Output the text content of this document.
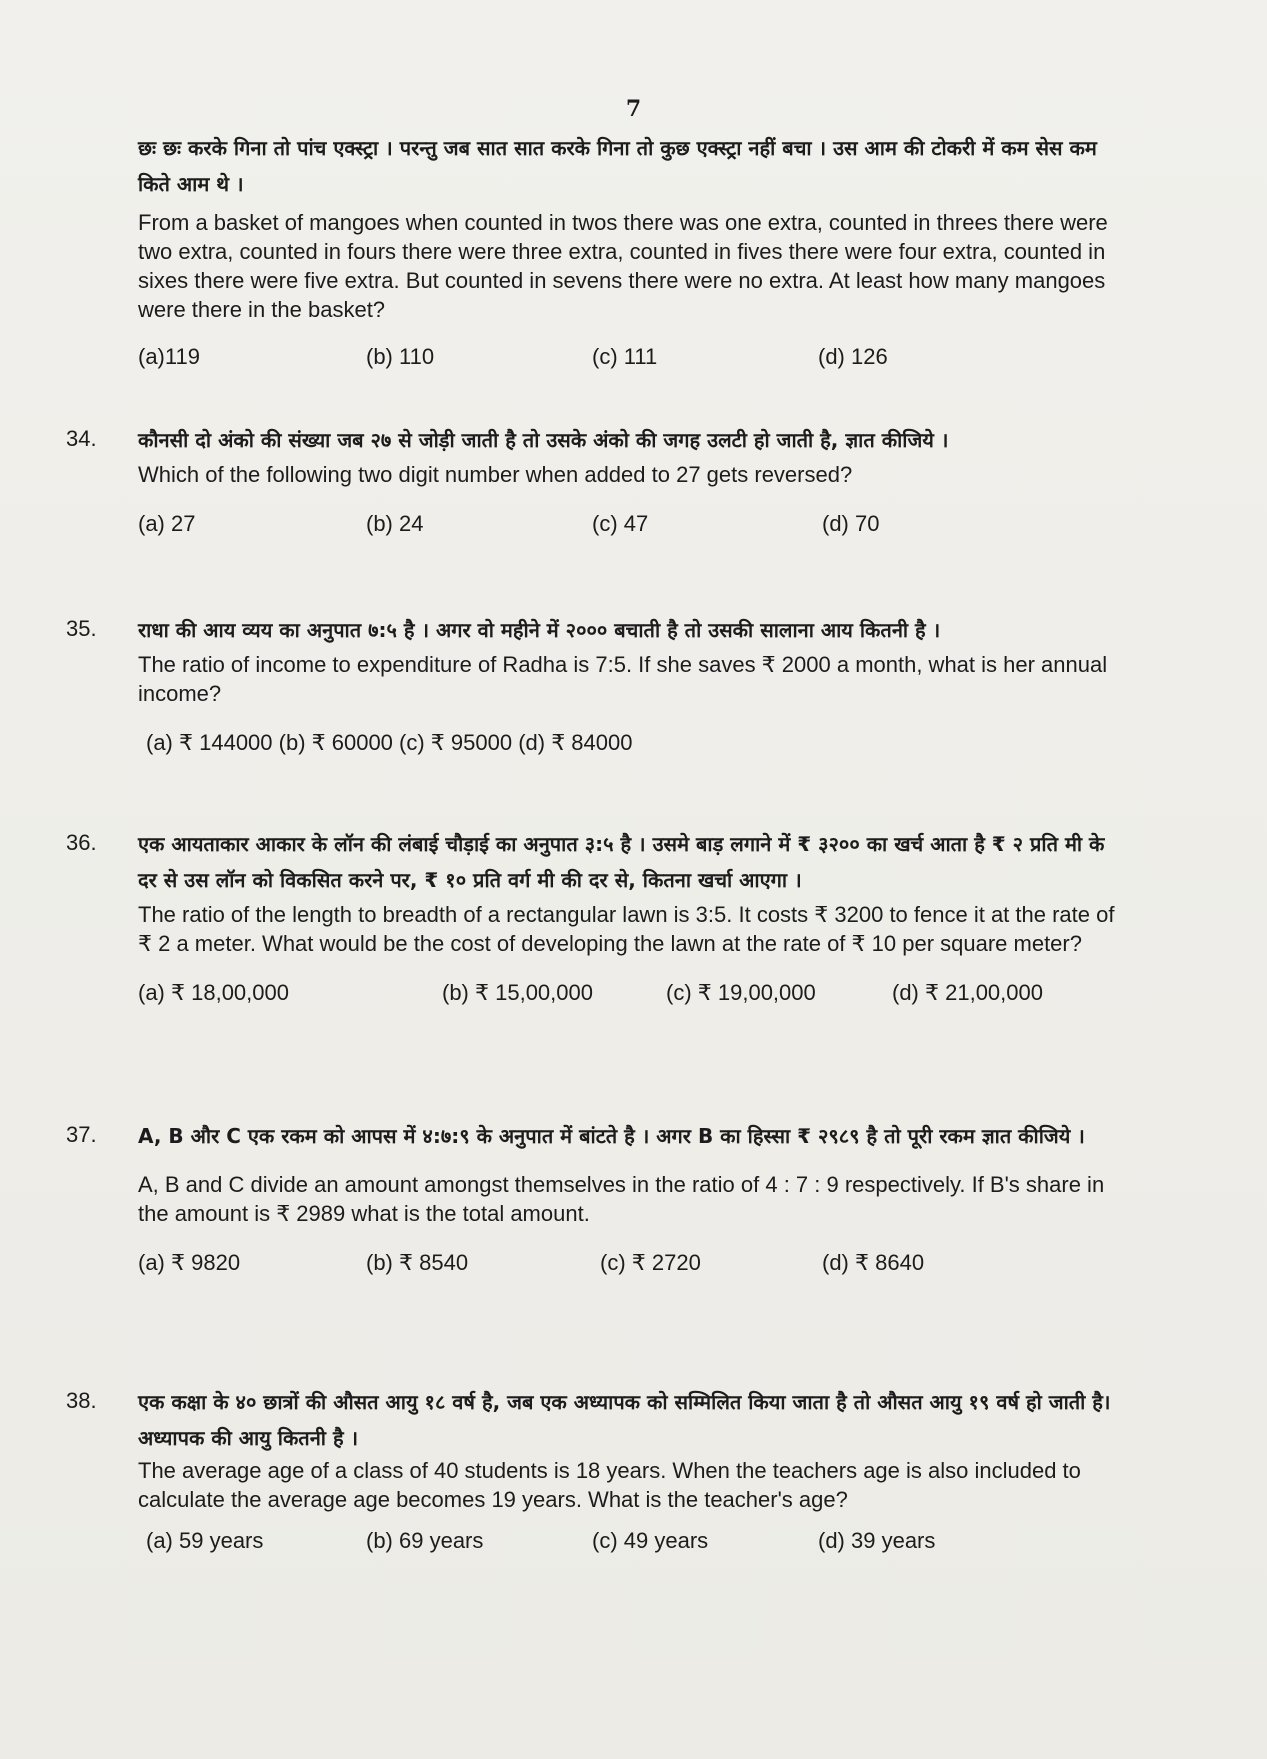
7

छः छः करके गिना तो पांच एक्स्ट्रा । परन्तु जब सात सात करके गिना तो कुछ एक्स्ट्रा नहीं बचा । उस आम की टोकरी में कम सेस कम किते आम थे ।

From a basket of mangoes when counted in twos there was one extra, counted in threes there were two extra, counted in fours there were three extra, counted in fives there were four extra, counted in sixes there were five extra. But counted in sevens there were no extra. At least how many mangoes were there in the basket?

(a)119	(b) 110	(c) 111	(d) 126
34. कौनसी दो अंको की संख्या जब २७ से जोड़ी जाती है तो उसके अंको की जगह उलटी हो जाती है, ज्ञात कीजिये ।

Which of the following two digit number when added to 27 gets reversed?

(a) 27	(b) 24	(c) 47	(d) 70
35. राधा की आय व्यय का अनुपात ७:५ है । अगर वो महीने में २००० बचाती है तो उसकी सालाना आय कितनी है ।

The ratio of income to expenditure of Radha is 7:5. If she saves ₹ 2000 a month, what is her annual income?

(a) ₹ 144000 (b) ₹ 60000 (c) ₹ 95000 (d) ₹ 84000
36. एक आयताकार आकार के लॉन की लंबाई चौड़ाई का अनुपात ३:५ है । उसमे बाड़ लगाने में ₹ ३२०० का खर्च आता है ₹ २ प्रति मी के दर से उस लॉन को विकसित करने पर, ₹ १० प्रति वर्ग मी की दर से, कितना खर्चा आएगा ।

The ratio of the length to breadth of a rectangular lawn is 3:5. It costs ₹ 3200 to fence it at the rate of ₹ 2 a meter. What would be the cost of developing the lawn at the rate of ₹ 10 per square meter?

(a) ₹ 18,00,000	(b) ₹ 15,00,000	(c) ₹ 19,00,000	(d) ₹ 21,00,000
37. A, B और C एक रकम को आपस में ४:७:९ के अनुपात में बांटते है । अगर B का हिस्सा ₹ २९८९ है तो पूरी रकम ज्ञात कीजिये ।

A, B and C divide an amount amongst themselves in the ratio of 4 : 7 : 9 respectively. If B's share in the amount is ₹ 2989 what is the total amount.

(a) ₹ 9820	(b) ₹ 8540	(c) ₹ 2720	(d) ₹ 8640
38. एक कक्षा के ४० छात्रों की औसत आयु १८ वर्ष है, जब एक अध्यापक को सम्मिलित किया जाता है तो औसत आयु १९ वर्ष हो जाती है। अध्यापक की आयु कितनी है ।

The average age of a class of 40 students is 18 years. When the teachers age is also included to calculate the average age becomes 19 years. What is the teacher's age?

(a) 59 years	(b) 69 years	(c) 49 years	(d) 39 years
